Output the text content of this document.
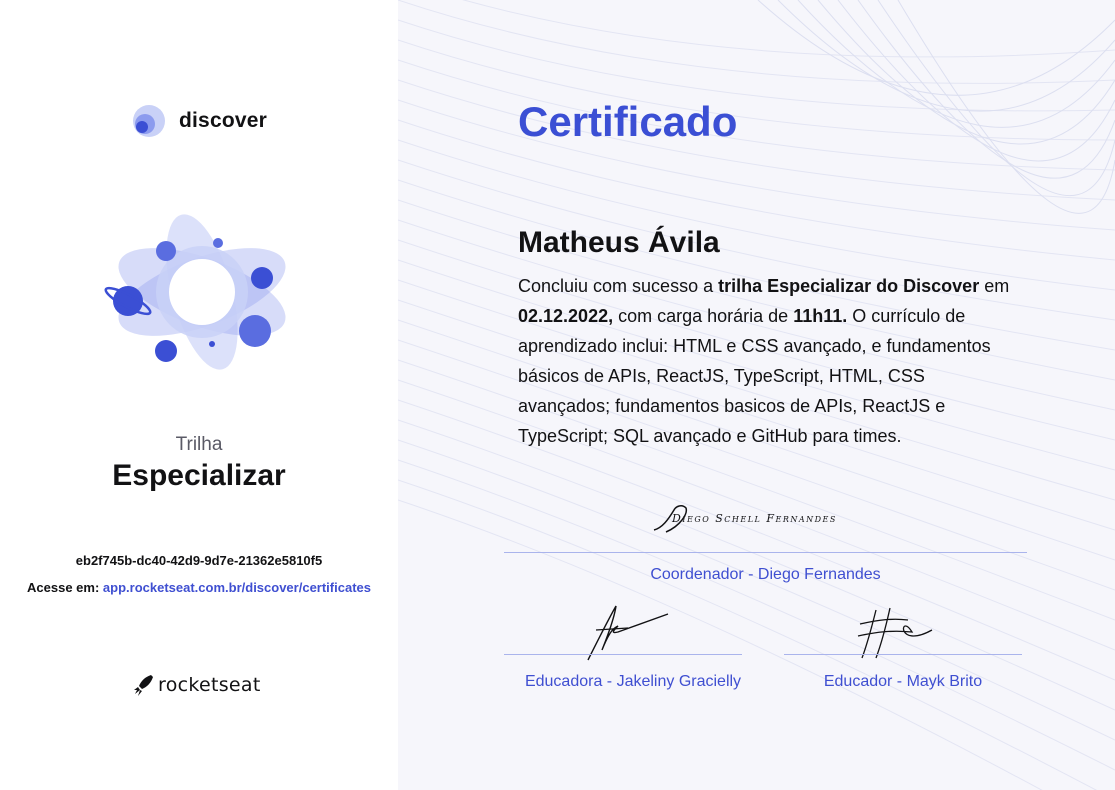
discover
Trilha
Especializar
eb2f745b-dc40-42d9-9d7e-21362e5810f5
Acesse em: app.rocketseat.com.br/discover/certificates
rocketseat
Certificado
Matheus Ávila
Concluiu com sucesso a trilha Especializar do Discover em 02.12.2022, com carga horária de 11h11. O currículo de aprendizado inclui: HTML e CSS avançado, e fundamentos básicos de APIs, ReactJS, TypeScript, HTML, CSS avançados; fundamentos basicos de APIs, ReactJS e TypeScript; SQL avançado e GitHub para times.
Diego Schell Fernandes
Coordenador - Diego Fernandes
Educadora - Jakeliny Gracielly	Educador - Mayk Brito
